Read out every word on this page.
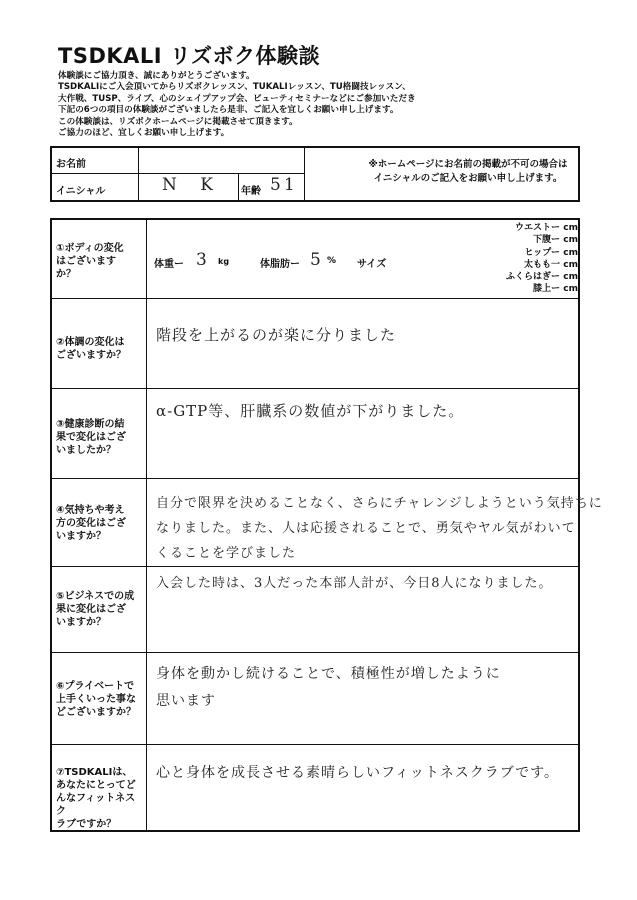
TSDKALI リズボク体験談
体験談にご協力頂き、誠にありがとうございます。
TSDKALIにご入会頂いてからリズボクレッスン、TUKALIレッスン、TU格闘技レッスン、
大作戦、TUSP、ライブ、心のシェイプアップ会、ビューティセミナーなどにご参加いただき
下記の6つの項目の体験談がございましたら是非、ご記入を宜しくお願い申し上げます。
この体験談は、リズボクホームページに掲載させて頂きます。
ご協力のほど、宜しくお願い申し上げます。
お名前
イニシャル	N K 年齢 51
※ホームページにお名前の掲載が不可の場合は
イニシャルのご記入をお願い申し上げます。
①ボディの変化
はございます
か？
体重ー 3 kg	体脂肪ー 5 % サイズ
ウエストー cm
下腹ー cm
ヒップー cm
太もも一 cm
ふくらはぎー cm
膝上ー cm
②体調の変化は
ございますか？
階段を上がるのが楽に分りました
③健康診断の結
果で変化はござ
いましたか？
α-GTP等、肝臓系の数値が下がりました。
④気持ちや考え
方の変化はござ
いますか？
自分で限界を決めることなく、さらにチャレンジしようという気持ちに
なりました。また、人は応援されることで、勇気やヤル気がわいて
くることを学びました
⑤ビジネスでの成
果に変化はござ
いますか？
入会した時は、3人だった本部人計が、今日8人になりました。
⑥プライベートで
上手くいった事な
どございますか？
身体を動かし続けることで、積極性が増したように
思います
⑦TSDKALIは、
あなたにとってど
んなフィットネスク
ラブですか？
心と身体を成長させる素晴らしいフィットネスクラブです。
